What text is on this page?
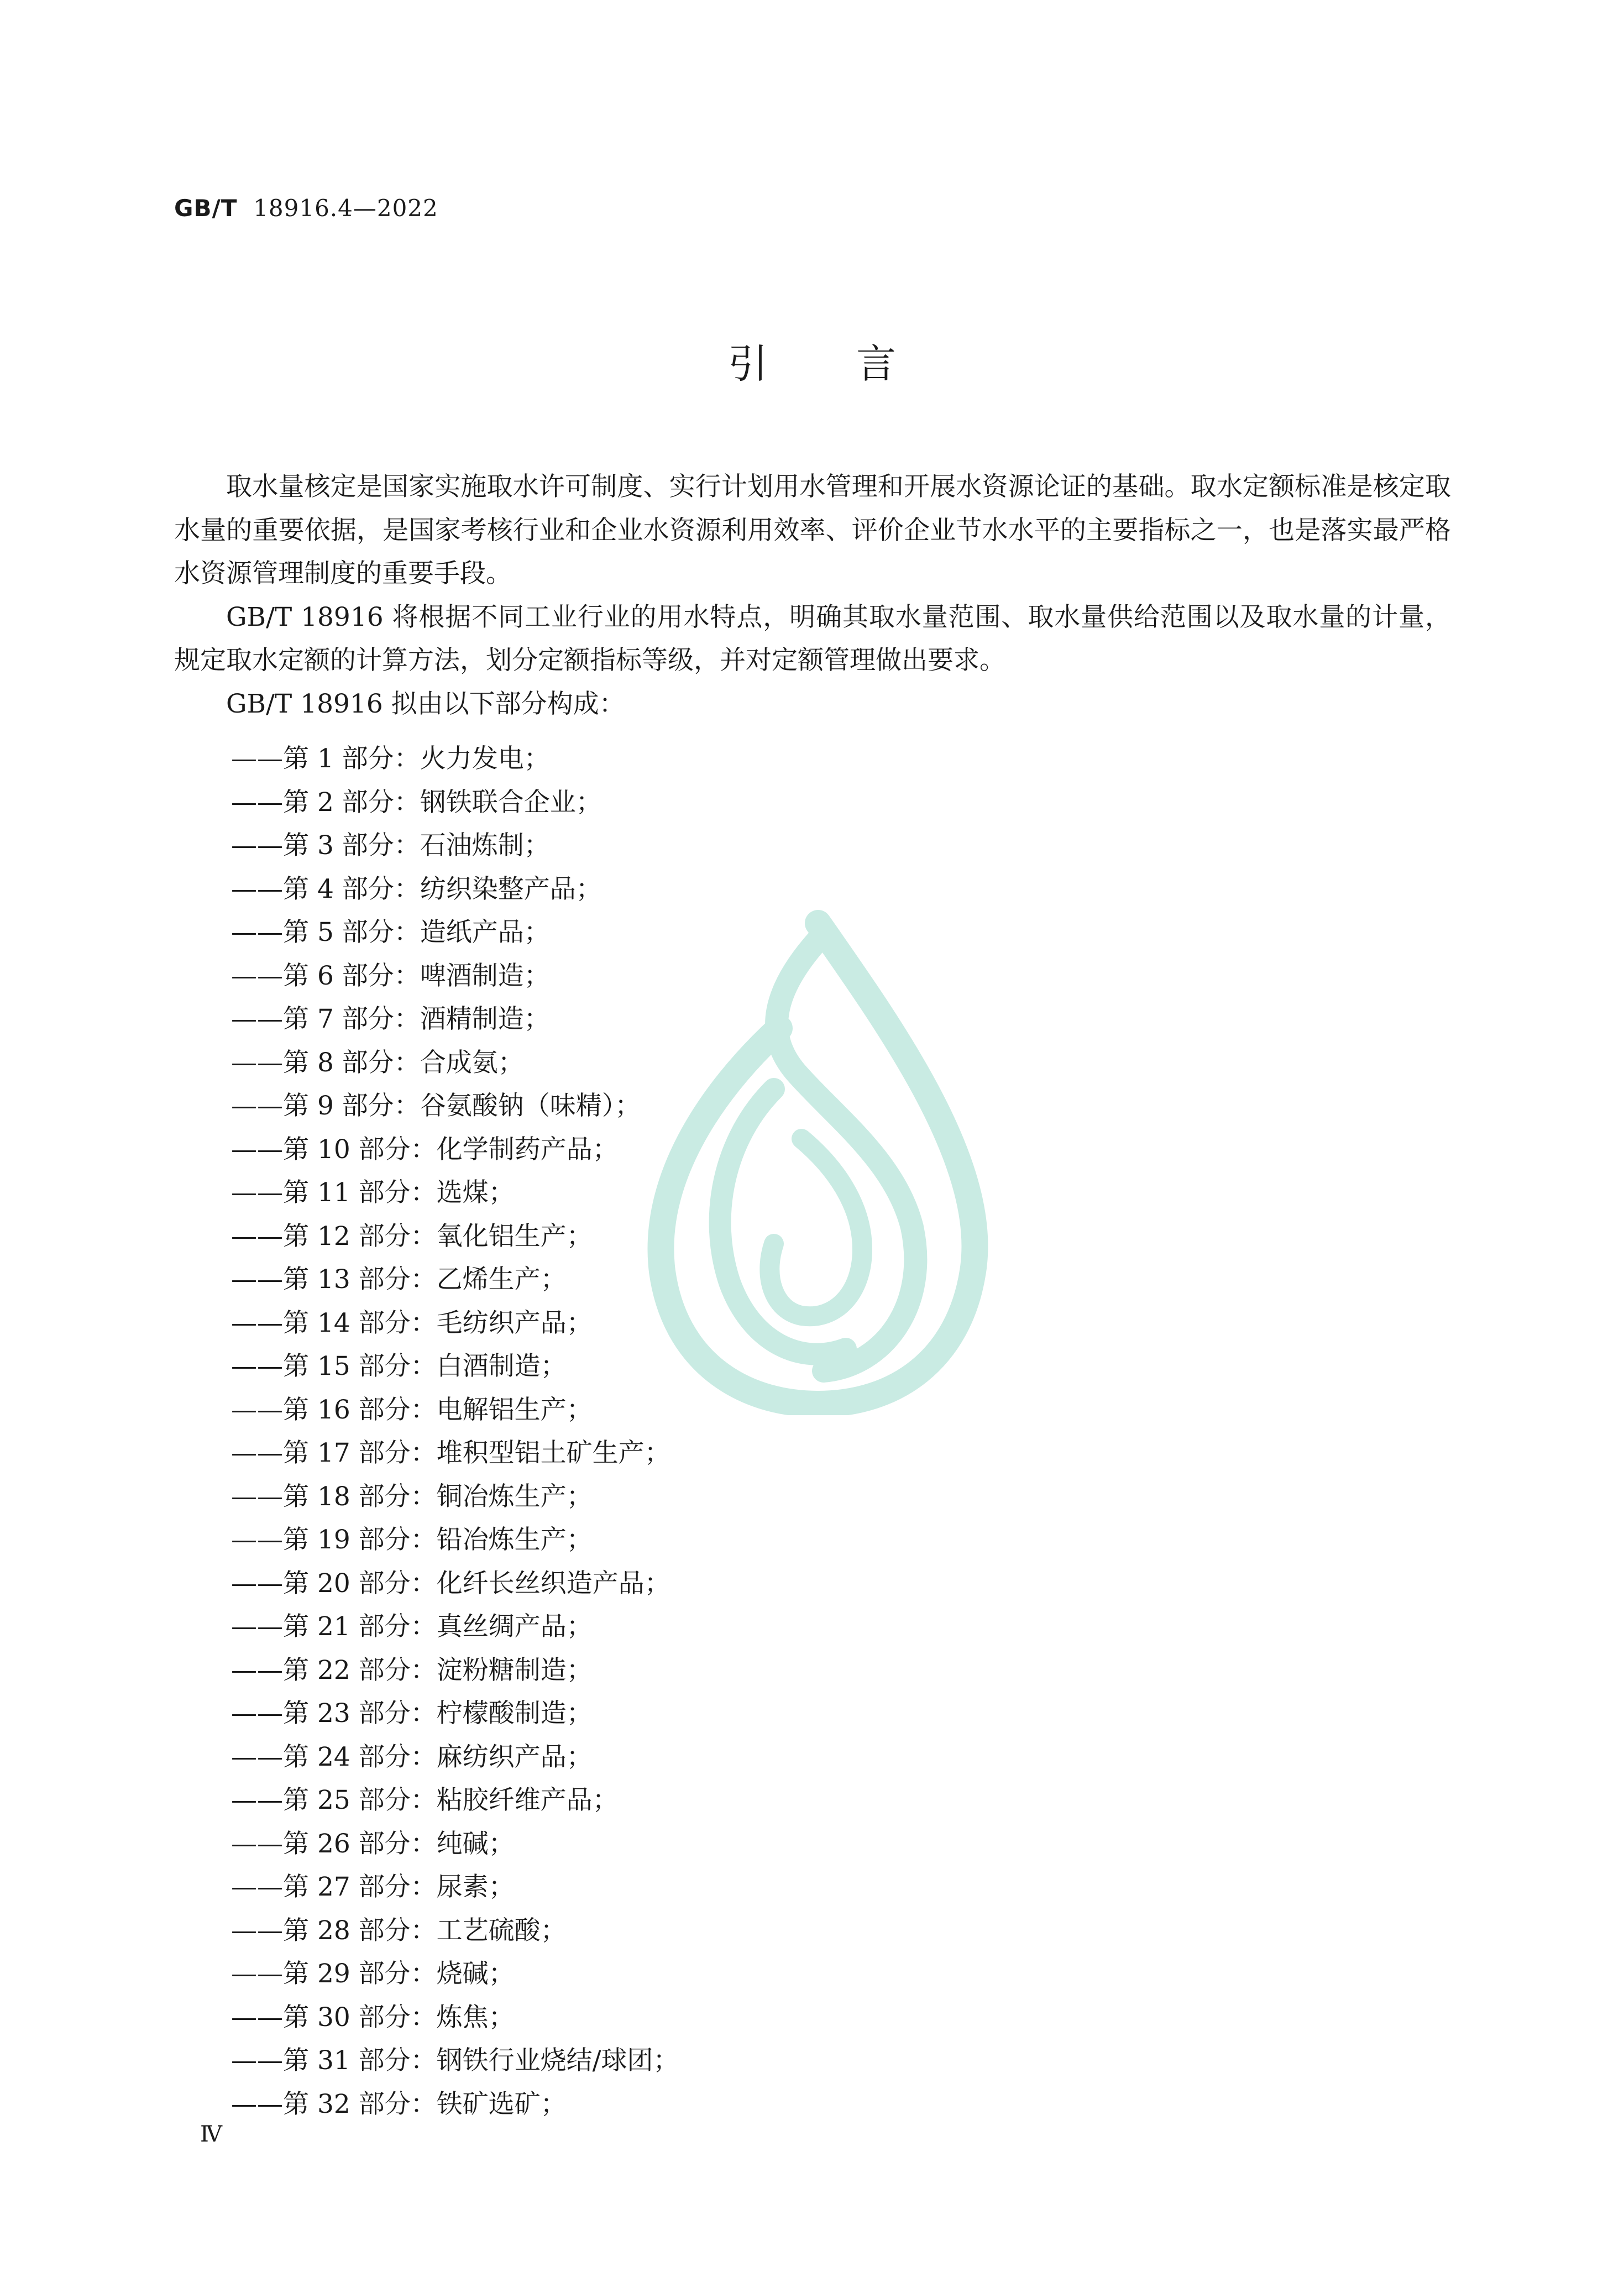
GB/T 18916.4—2022
引言

取水量核定是国家实施取水许可制度、实行计划用水管理和开展水资源论证的基础。取水定额标准是核定取水量的重要依据，是国家考核行业和企业水资源利用效率、评价企业节水水平的主要指标之一，也是落实最严格水资源管理制度的重要手段。

GB/T 18916 将根据不同工业行业的用水特点，明确其取水量范围、取水量供给范围以及取水量的计量，规定取水定额的计算方法，划分定额指标等级，并对定额管理做出要求。

GB/T 18916 拟由以下部分构成：

——第 1 部分：火力发电；
——第 2 部分：钢铁联合企业；
——第 3 部分：石油炼制；
——第 4 部分：纺织染整产品；
——第 5 部分：造纸产品；
——第 6 部分：啤酒制造；
——第 7 部分：酒精制造；
——第 8 部分：合成氨；
——第 9 部分：谷氨酸钠（味精）；
——第 10 部分：化学制药产品；
——第 11 部分：选煤；
——第 12 部分：氧化铝生产；
——第 13 部分：乙烯生产；
——第 14 部分：毛纺织产品；
——第 15 部分：白酒制造；
——第 16 部分：电解铝生产；
——第 17 部分：堆积型铝土矿生产；
——第 18 部分：铜冶炼生产；
——第 19 部分：铅冶炼生产；
——第 20 部分：化纤长丝织造产品；
——第 21 部分：真丝绸产品；
——第 22 部分：淀粉糖制造；
——第 23 部分：柠檬酸制造；
——第 24 部分：麻纺织产品；
——第 25 部分：粘胶纤维产品；
——第 26 部分：纯碱；
——第 27 部分：尿素；
——第 28 部分：工艺硫酸；
——第 29 部分：烧碱；
——第 30 部分：炼焦；
——第 31 部分：钢铁行业烧结/球团；
——第 32 部分：铁矿选矿；
Ⅳ
